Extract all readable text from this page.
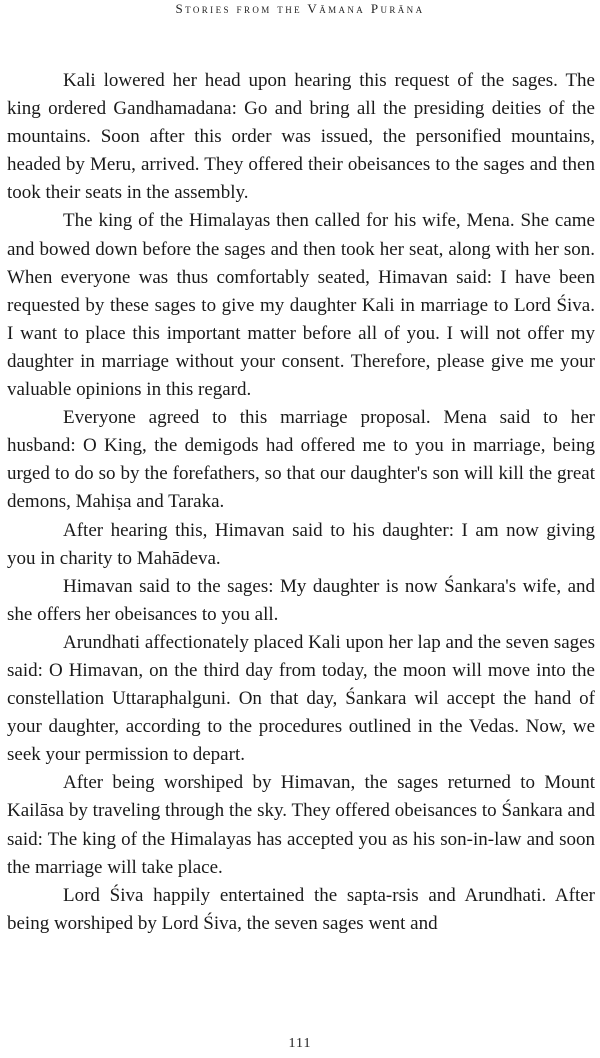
Stories from the Vāmana Purāna

Kali lowered her head upon hearing this request of the sages. The king ordered Gandhamadana: Go and bring all the presiding deities of the mountains. Soon after this order was issued, the personified mountains, headed by Meru, arrived. They offered their obeisances to the sages and then took their seats in the assembly.

The king of the Himalayas then called for his wife, Mena. She came and bowed down before the sages and then took her seat, along with her son. When everyone was thus comfortably seated, Himavan said: I have been requested by these sages to give my daughter Kali in marriage to Lord Śiva. I want to place this important matter before all of you. I will not offer my daughter in marriage without your consent. Therefore, please give me your valuable opinions in this regard.

Everyone agreed to this marriage proposal. Mena said to her husband: O King, the demigods had offered me to you in marriage, being urged to do so by the forefathers, so that our daughter's son will kill the great demons, Mahiṣa and Taraka.

After hearing this, Himavan said to his daughter: I am now giving you in charity to Mahādeva.

Himavan said to the sages: My daughter is now Śankara's wife, and she offers her obeisances to you all.

Arundhati affectionately placed Kali upon her lap and the seven sages said: O Himavan, on the third day from today, the moon will move into the constellation Uttaraphalguni. On that day, Śankara wil accept the hand of your daughter, according to the procedures outlined in the Vedas. Now, we seek your permission to depart.

After being worshiped by Himavan, the sages returned to Mount Kailāsa by traveling through the sky. They offered obeisances to Śankara and said: The king of the Himalayas has accepted you as his son-in-law and soon the marriage will take place.

Lord Śiva happily entertained the sapta-rsis and Arundhati. After being worshiped by Lord Śiva, the seven sages went and

111
